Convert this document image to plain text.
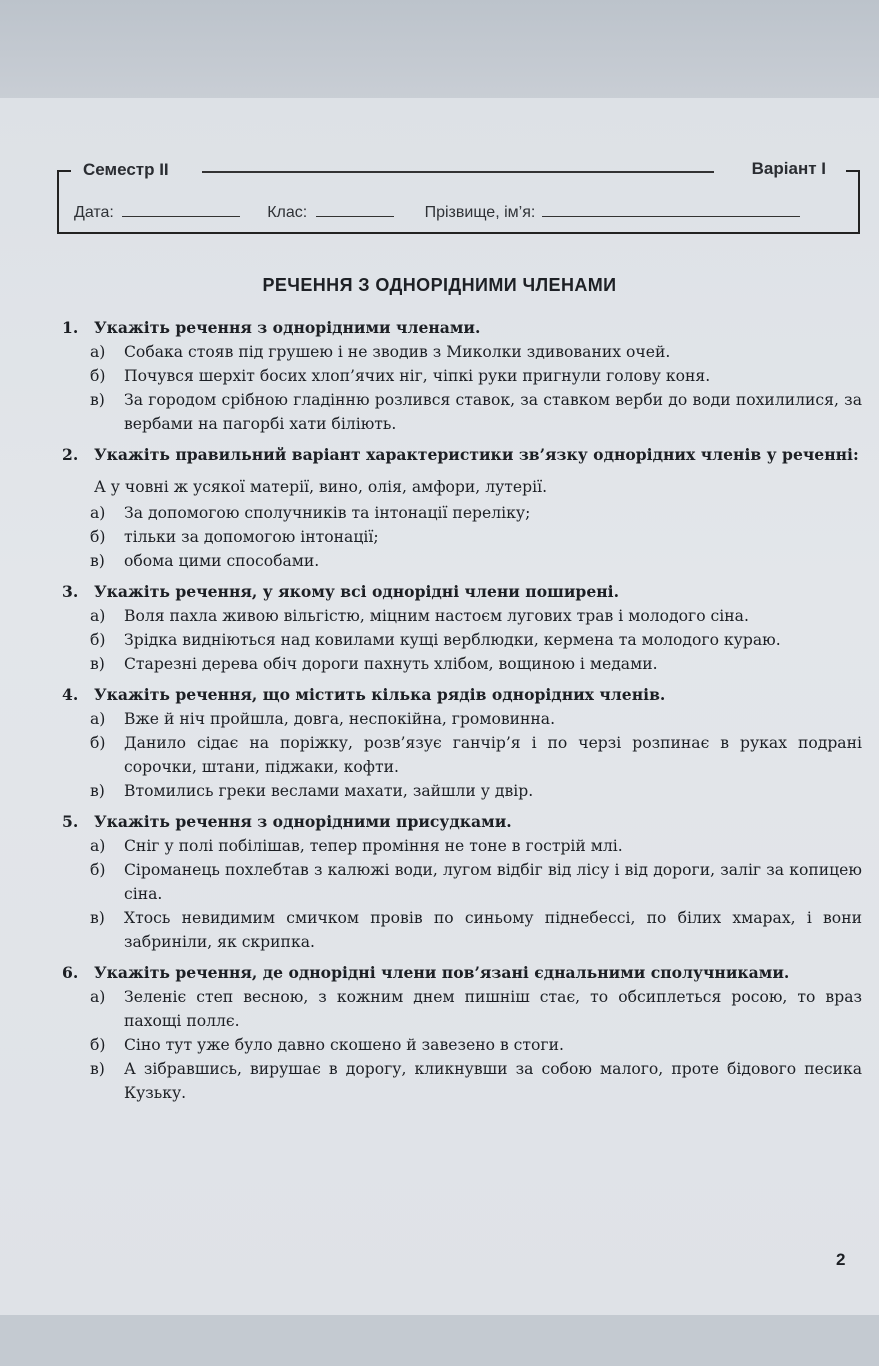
Семестр II	Варіант I
Дата:	Клас:	Прізвище, ім’я:
РЕЧЕННЯ З ОДНОРІДНИМИ ЧЛЕНАМИ
1.	Укажіть речення з однорідними членами.
а)	Собака стояв під грушею і не зводив з Миколки здивованих очей.
б)	Почувся шерхіт босих хлоп’ячих ніг, чіпкі руки пригнули голову коня.
в)	За городом срібною гладінню розлився ставок, за ставком верби до води похилилися, за вербами на пагорбі хати біліють.
2.	Укажіть правильний варіант характеристики зв’язку однорідних членів у реченні:
А у човні ж усякої матерії, вино, олія, амфори, лутерії.
а)	За допомогою сполучників та інтонації переліку;
б)	тільки за допомогою інтонації;
в)	обома цими способами.
3.	Укажіть речення, у якому всі однорідні члени поширені.
а)	Воля пахла живою вільгістю, міцним настоєм лугових трав і молодого сіна.
б)	Зрідка видніються над ковилами кущі верблюдки, кермена та молодого кураю.
в)	Старезні дерева обіч дороги пахнуть хлібом, вощиною і медами.
4.	Укажіть речення, що містить кілька рядів однорідних членів.
а)	Вже й ніч пройшла, довга, неспокійна, громовинна.
б)	Данило сідає на поріжку, розв’язує ганчір’я і по черзі розпинає в руках подрані сорочки, штани, піджаки, кофти.
в)	Втомились греки веслами махати, зайшли у двір.
5.	Укажіть речення з однорідними присудками.
а)	Сніг у полі побілішав, тепер проміння не тоне в гострій млі.
б)	Сіроманець похлебтав з калюжі води, лугом відбіг від лісу і від дороги, заліг за копицею сіна.
в)	Хтось невидимим смичком провів по синьому піднебессі, по білих хмарах, і вони забриніли, як скрипка.
6.	Укажіть речення, де однорідні члени пов’язані єднальними сполучниками.
а)	Зеленіє степ весною, з кожним днем пишніш стає, то обсиплеться росою, то враз пахощі поллє.
б)	Сіно тут уже було давно скошено й завезено в стоги.
в)	А зібравшись, вирушає в дорогу, кликнувши за собою малого, проте бідового песика Кузьку.
2
